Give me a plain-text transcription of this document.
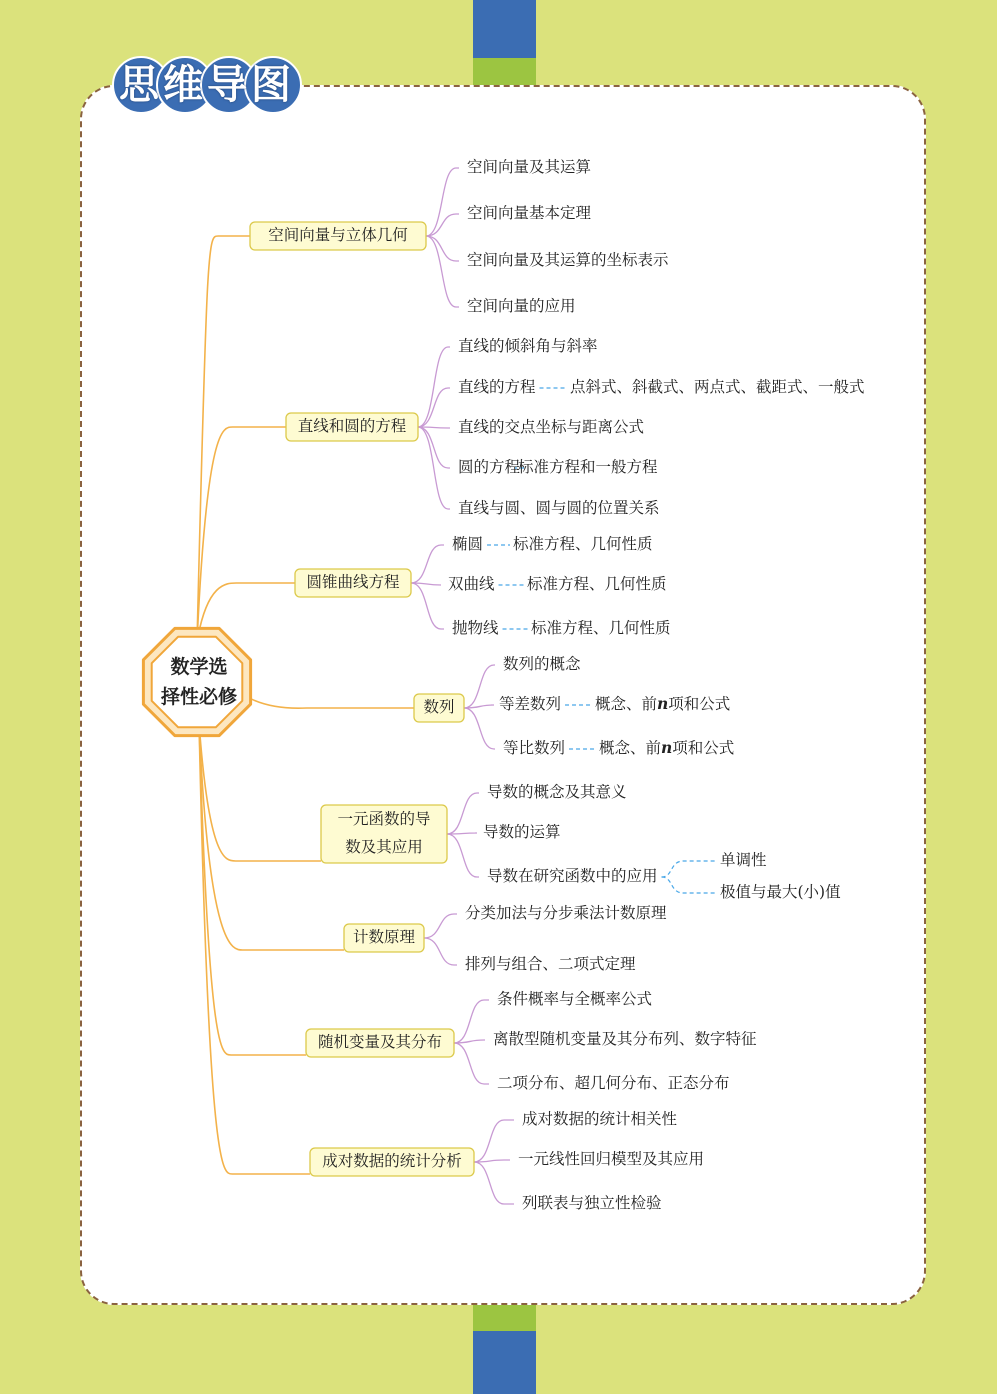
思维导图
数学选
择性必修
空间向量与立体几何
空间向量及其运算
空间向量基本定理
空间向量及其运算的坐标表示
空间向量的应用
直线和圆的方程
直线的倾斜角与斜率
直线的方程 点斜式、斜截式、两点式、截距式、一般式
直线的交点坐标与距离公式
圆的方程
标准方程和一般方程
直线与圆、圆与圆的位置关系
圆锥曲线方程
椭圆 标准方程、几何性质
双曲线 标准方程、几何性质
抛物线 标准方程、几何性质
数列
数列的概念
等差数列 概念、前n项和公式
等比数列 概念、前n项和公式
一元函数的导
数及其应用
导数的概念及其意义
导数的运算
导数在研究函数中的应用
单调性
极值与最大(小)值
计数原理
分类加法与分步乘法计数原理
排列与组合、二项式定理
随机变量及其分布
条件概率与全概率公式
离散型随机变量及其分布列、数字特征
二项分布、超几何分布、正态分布
成对数据的统计分析
成对数据的统计相关性
一元线性回归模型及其应用
列联表与独立性检验
